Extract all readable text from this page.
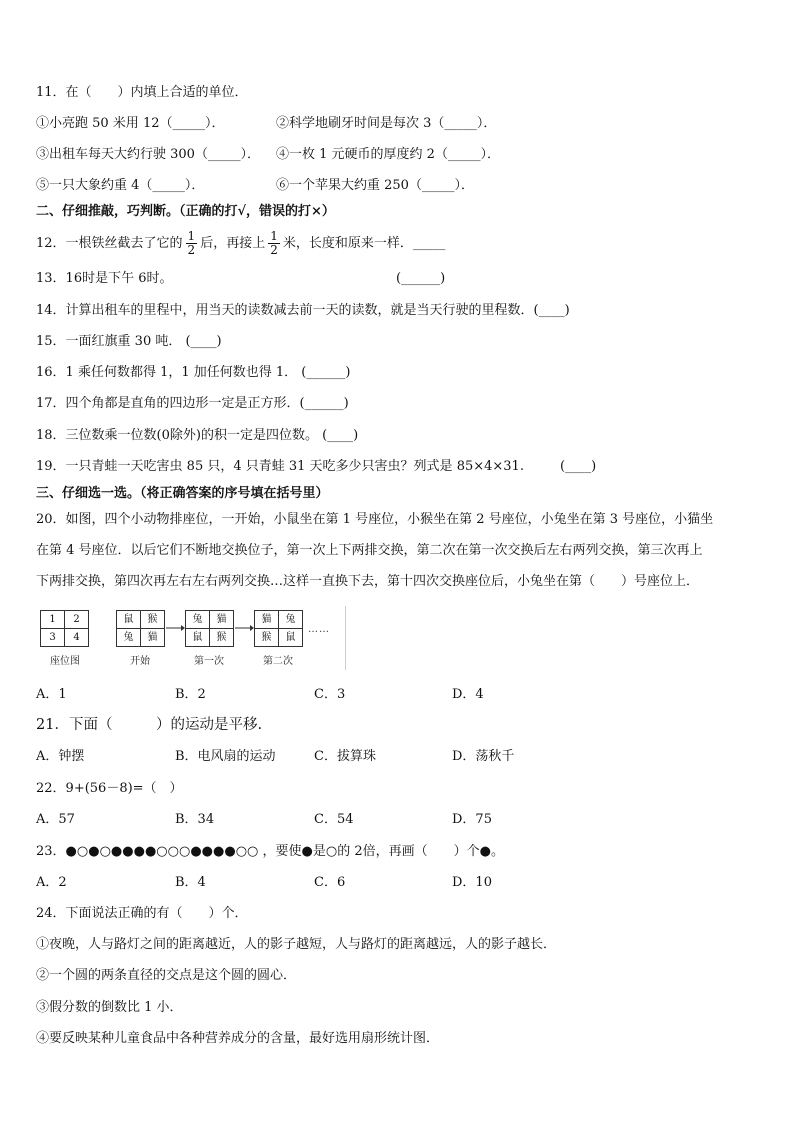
11．在（　　）内填上合适的单位．
①小亮跑 50 米用 12（_____）．	②科学地刷牙时间是每次 3（_____）．
③出租车每天大约行驶 300（_____）． ④一枚 1 元硬币的厚度约 2（_____）．
⑤一只大象约重 4（_____）．	⑥一个苹果大约重 250（_____）．
二、仔细推敲，巧判断。（正确的打√，错误的打×）
12．一根铁丝截去了它的 $\frac{1}{2}$ 后，再接上 $\frac{1}{2}$ 米，长度和原来一样．_____
13．16时是下午 6时。	(______)
14．计算出租车的里程中，用当天的读数减去前一天的读数，就是当天行驶的里程数．(____)
15．一面红旗重 30 吨． (____)
16．1 乘任何数都得 1，1 加任何数也得 1． (______)
17．四个角都是直角的四边形一定是正方形．(______)
18．三位数乘一位数(0除外)的积一定是四位数。 (____)
19．一只青蛙一天吃害虫 85 只，4 只青蛙 31 天吃多少只害虫？列式是 85×4×31.	(____)
三、仔细选一选。（将正确答案的序号填在括号里）
20．如图，四个小动物排座位，一开始，小鼠坐在第 1 号座位，小猴坐在第 2 号座位，小兔坐在第 3 号座位，小猫坐
在第 4 号座位．以后它们不断地交换位子，第一次上下两排交换，第二次在第一次交换后左右两列交换，第三次再上
下两排交换，第四次再左右左右两列交换…这样一直换下去，第十四次交换座位后，小兔坐在第（　　）号座位上．
1	2
3	4
座位图
鼠	猴
兔	猫
开始
兔	猫
鼠	猴
第一次
猫	兔
猴	鼠
第二次
……
A．1	B．2	C．3	D．4
21．下面（　　　）的运动是平移.
A．钟摆	B．电风扇的运动	C．拔算珠	D．荡秋千
22．9+(56－8)=（　）
A．57	B．34	C．54	D．75
23．●○●○●●●●○○○●●●●○○ ，要使●是○的 2倍，再画（　　）个●。
A．2	B．4	C．6	D．10
24．下面说法正确的有（　　）个．
①夜晚，人与路灯之间的距离越近，人的影子越短，人与路灯的距离越远，人的影子越长．
②一个圆的两条直径的交点是这个圆的圆心．
③假分数的倒数比 1 小．
④要反映某种儿童食品中各种营养成分的含量，最好选用扇形统计图．
